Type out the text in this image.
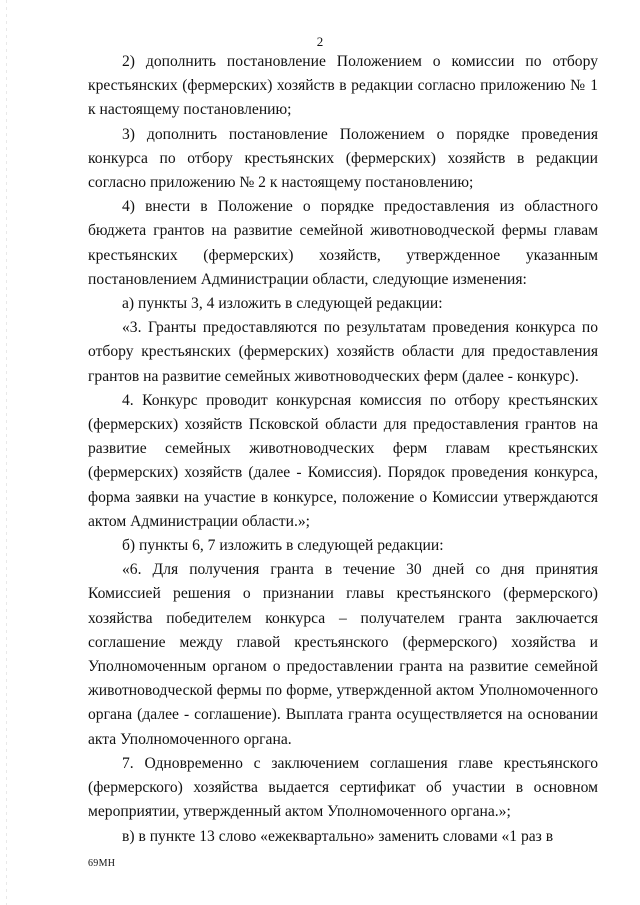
2

2) дополнить постановление Положением о комиссии по отбору крестьянских (фермерских) хозяйств в редакции согласно приложению № 1 к настоящему постановлению;

3) дополнить постановление Положением о порядке проведения конкурса по отбору крестьянских (фермерских) хозяйств в редакции согласно приложению № 2 к настоящему постановлению;

4) внести в Положение о порядке предоставления из областного бюджета грантов на развитие семейной животноводческой фермы главам крестьянских (фермерских) хозяйств, утвержденное указанным постановлением Администрации области, следующие изменения:

а) пункты 3, 4 изложить в следующей редакции:

«3. Гранты предоставляются по результатам проведения конкурса по отбору крестьянских (фермерских) хозяйств области для предоставления грантов на развитие семейных животноводческих ферм (далее - конкурс).

4. Конкурс проводит конкурсная комиссия по отбору крестьянских (фермерских) хозяйств Псковской области для предоставления грантов на развитие семейных животноводческих ферм главам крестьянских (фермерских) хозяйств (далее - Комиссия). Порядок проведения конкурса, форма заявки на участие в конкурсе, положение о Комиссии утверждаются актом Администрации области.»;

б) пункты 6, 7 изложить в следующей редакции:

«6. Для получения гранта в течение 30 дней со дня принятия Комиссией решения о признании главы крестьянского (фермерского) хозяйства победителем конкурса – получателем гранта заключается соглашение между главой крестьянского (фермерского) хозяйства и Уполномоченным органом о предоставлении гранта на развитие семейной животноводческой фермы по форме, утвержденной актом Уполномоченного органа (далее - соглашение). Выплата гранта осуществляется на основании акта Уполномоченного органа.

7. Одновременно с заключением соглашения главе крестьянского (фермерского) хозяйства выдается сертификат об участии в основном мероприятии, утвержденный актом Уполномоченного органа.»;

в) в пункте 13 слово «ежеквартально» заменить словами «1 раз в

69МН
